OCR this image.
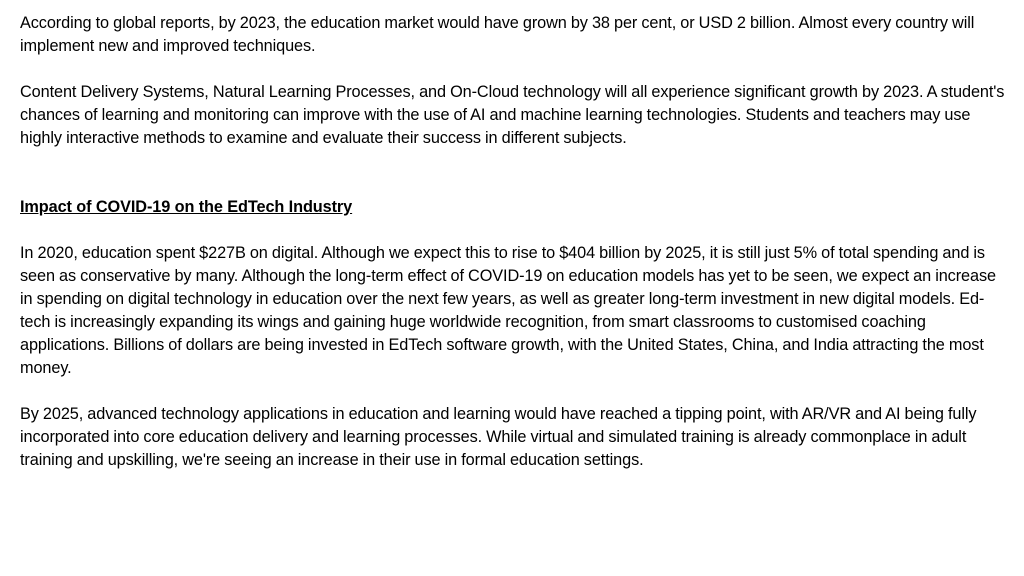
According to global reports, by 2023, the education market would have grown by 38 per cent, or USD 2 billion. Almost every country will implement new and improved techniques.

Content Delivery Systems, Natural Learning Processes, and On-Cloud technology will all experience significant growth by 2023. A student's chances of learning and monitoring can improve with the use of AI and machine learning technologies. Students and teachers may use highly interactive methods to examine and evaluate their success in different subjects.

Impact of COVID-19 on the EdTech Industry

In 2020, education spent $227B on digital. Although we expect this to rise to $404 billion by 2025, it is still just 5% of total spending and is seen as conservative by many. Although the long-term effect of COVID-19 on education models has yet to be seen, we expect an increase in spending on digital technology in education over the next few years, as well as greater long-term investment in new digital models. Ed-tech is increasingly expanding its wings and gaining huge worldwide recognition, from smart classrooms to customised coaching applications. Billions of dollars are being invested in EdTech software growth, with the United States, China, and India attracting the most money.

By 2025, advanced technology applications in education and learning would have reached a tipping point, with AR/VR and AI being fully incorporated into core education delivery and learning processes. While virtual and simulated training is already commonplace in adult training and upskilling, we're seeing an increase in their use in formal education settings.
